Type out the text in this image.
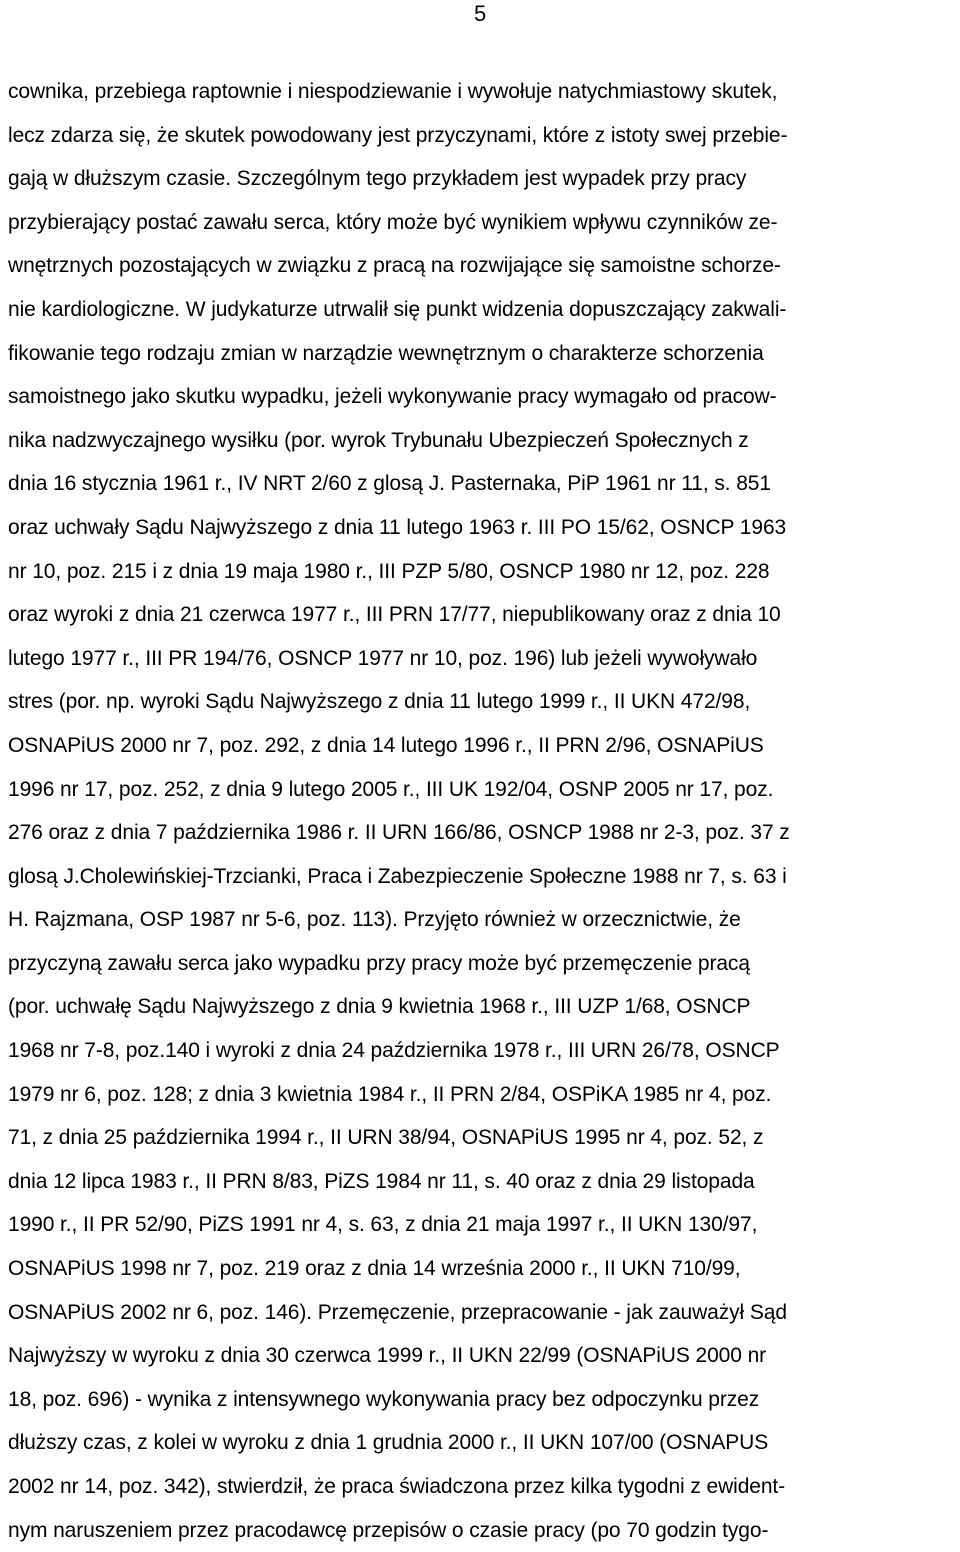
5
cownika, przebiega raptownie i niespodziewanie i wywołuje natychmiastowy skutek,
lecz zdarza się, że skutek powodowany jest przyczynami, które z istoty swej przebie-
gają w dłuższym czasie. Szczególnym tego przykładem jest wypadek przy pracy
przybierający postać zawału serca, który może być wynikiem wpływu czynników ze-
wnętrznych pozostających w związku z pracą na rozwijające się samoistne schorze-
nie kardiologiczne. W judykaturze utrwalił się punkt widzenia dopuszczający zakwali-
fikowanie tego rodzaju zmian w narządzie wewnętrznym o charakterze schorzenia
samoistnego jako skutku wypadku, jeżeli wykonywanie pracy wymagało od pracow-
nika nadzwyczajnego wysiłku (por. wyrok Trybunału Ubezpieczeń Społecznych z
dnia 16 stycznia 1961 r., IV NRT 2/60 z glosą J. Pasternaka, PiP 1961 nr 11, s. 851
oraz uchwały Sądu Najwyższego z dnia 11 lutego 1963 r. III PO 15/62, OSNCP 1963
nr 10, poz. 215 i z dnia 19 maja 1980 r., III PZP 5/80, OSNCP 1980 nr 12, poz. 228
oraz wyroki z dnia 21 czerwca 1977 r., III PRN 17/77, niepublikowany oraz z dnia 10
lutego 1977 r., III PR 194/76, OSNCP 1977 nr 10, poz. 196) lub jeżeli wywoływało
stres (por. np. wyroki Sądu Najwyższego z dnia 11 lutego 1999 r., II UKN 472/98,
OSNAPiUS 2000 nr 7, poz. 292, z dnia 14 lutego 1996 r., II PRN 2/96, OSNAPiUS
1996 nr 17, poz. 252, z dnia 9 lutego 2005 r., III UK 192/04, OSNP 2005 nr 17, poz.
276 oraz z dnia 7 października 1986 r. II URN 166/86, OSNCP 1988 nr 2-3, poz. 37 z
glosą J.Cholewińskiej-Trzcianki, Praca i Zabezpieczenie Społeczne 1988 nr 7, s. 63 i
H. Rajzmana, OSP 1987 nr 5-6, poz. 113). Przyjęto również w orzecznictwie, że
przyczyną zawału serca jako wypadku przy pracy może być przemęczenie pracą
(por. uchwałę Sądu Najwyższego z dnia 9 kwietnia 1968 r., III UZP 1/68, OSNCP
1968 nr 7-8, poz.140 i wyroki z dnia 24 października 1978 r., III URN 26/78, OSNCP
1979 nr 6, poz. 128; z dnia 3 kwietnia 1984 r., II PRN 2/84, OSPiKA 1985 nr 4, poz.
71, z dnia 25 października 1994 r., II URN 38/94, OSNAPiUS 1995 nr 4, poz. 52, z
dnia 12 lipca 1983 r., II PRN 8/83, PiZS 1984 nr 11, s. 40 oraz z dnia 29 listopada
1990 r., II PR 52/90, PiZS 1991 nr 4, s. 63, z dnia 21 maja 1997 r., II UKN 130/97,
OSNAPiUS 1998 nr 7, poz. 219 oraz z dnia 14 września 2000 r., II UKN 710/99,
OSNAPiUS 2002 nr 6, poz. 146). Przemęczenie, przepracowanie - jak zauważył Sąd
Najwyższy w wyroku z dnia 30 czerwca 1999 r., II UKN 22/99 (OSNAPiUS 2000 nr
18, poz. 696) - wynika z intensywnego wykonywania pracy bez odpoczynku przez
dłuższy czas, z kolei w wyroku z dnia 1 grudnia 2000 r., II UKN 107/00 (OSNAPUS
2002 nr 14, poz. 342), stwierdził, że praca świadczona przez kilka tygodni z ewident-
nym naruszeniem przez pracodawcę przepisów o czasie pracy (po 70 godzin tygo-
